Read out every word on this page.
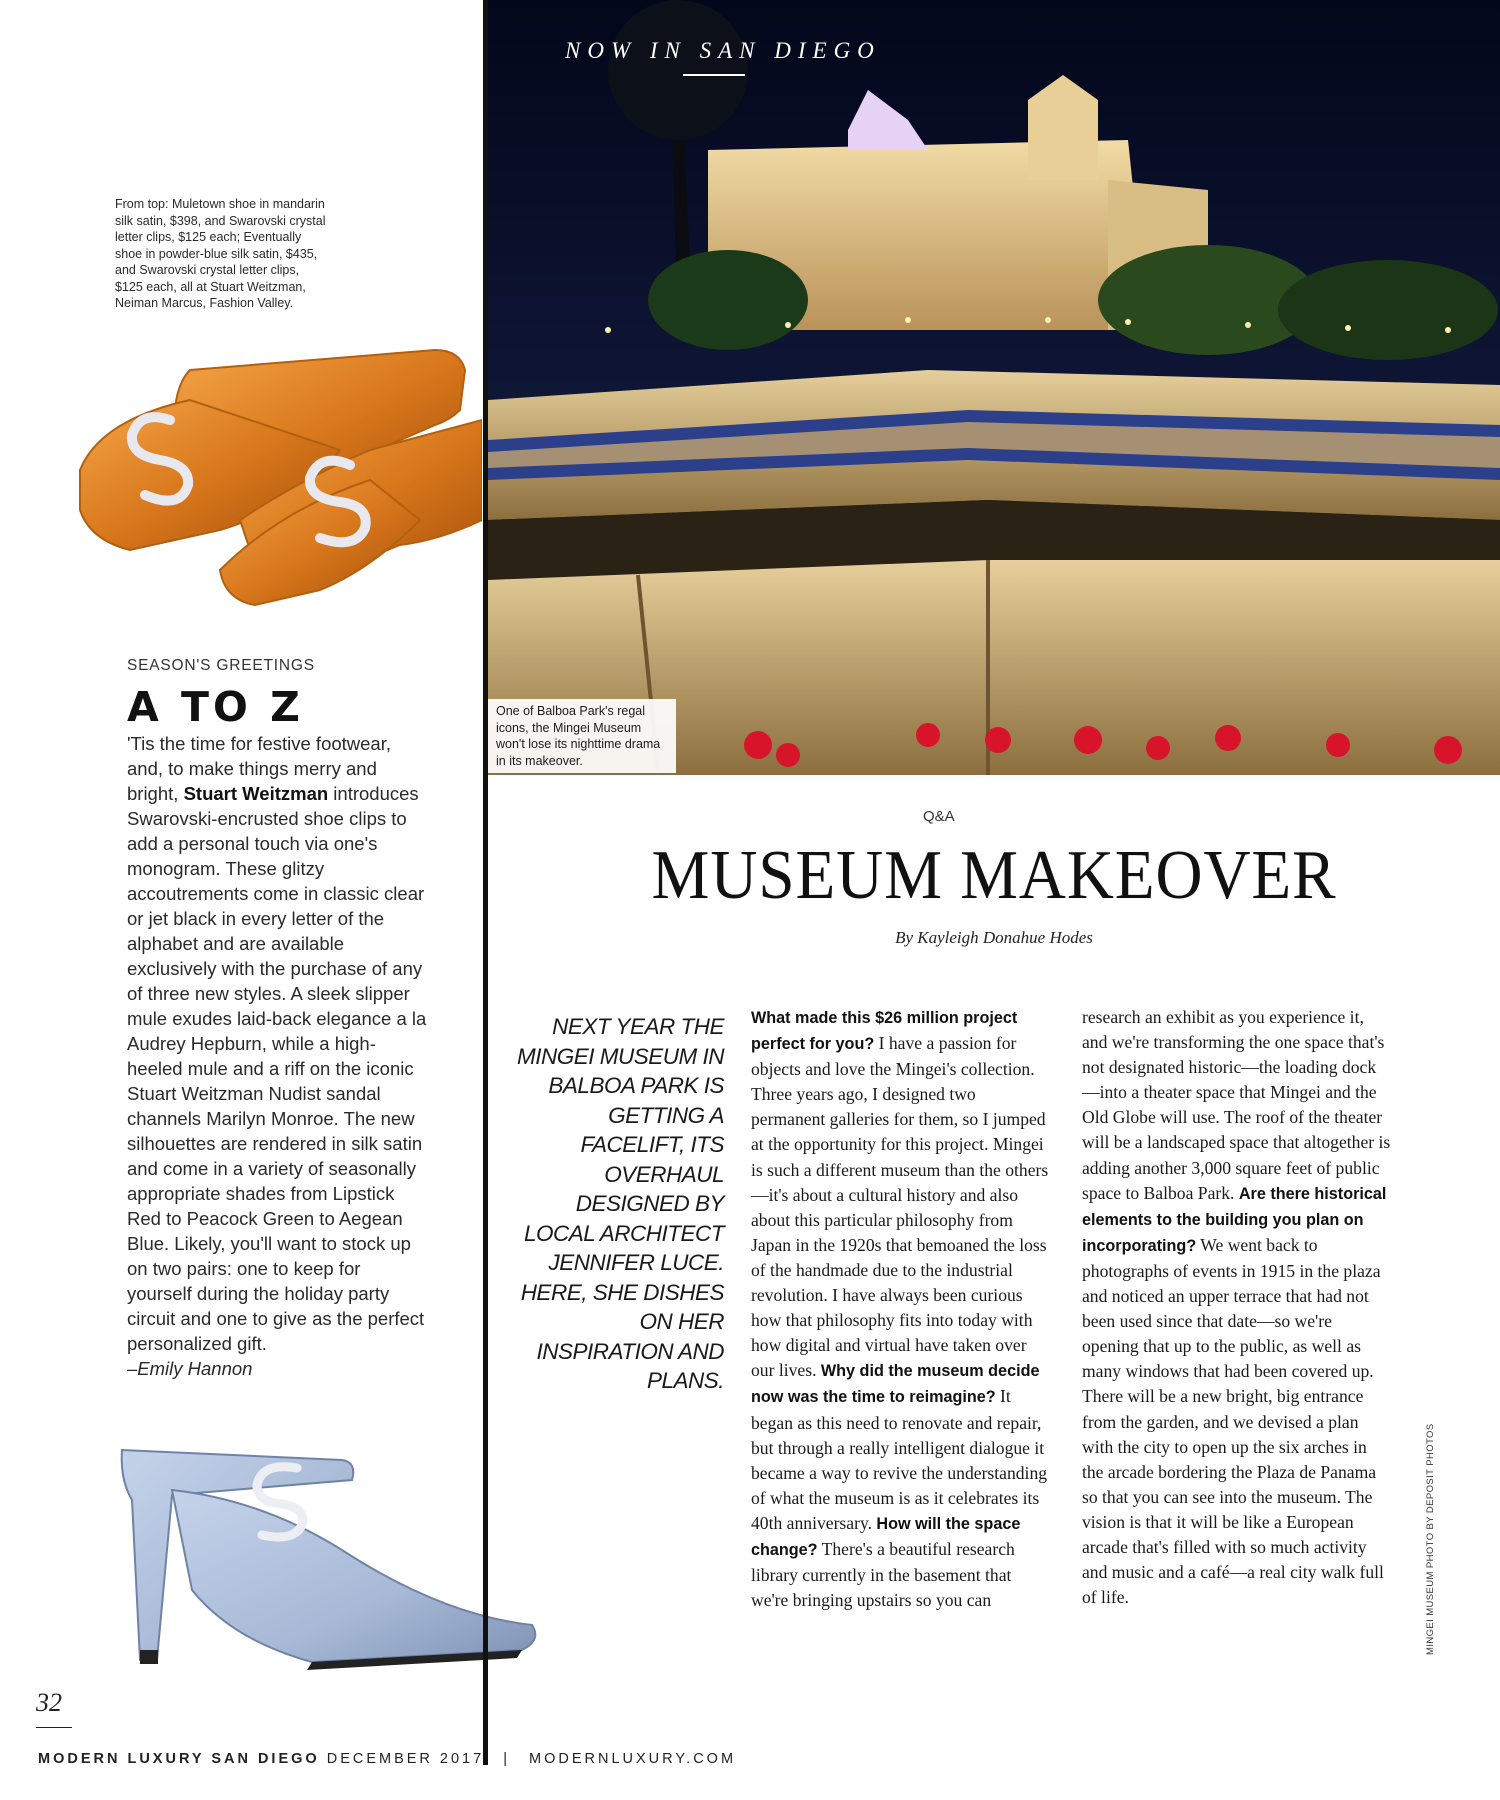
From top: Muletown shoe in mandarin silk satin, $398, and Swarovski crystal letter clips, $125 each; Eventually shoe in powder-blue silk satin, $435, and Swarovski crystal letter clips, $125 each, all at Stuart Weitzman, Neiman Marcus, Fashion Valley.
SEASON'S GREETINGS
A TO Z
'Tis the time for festive footwear, and, to make things merry and bright, Stuart Weitzman introduces Swarovski-encrusted shoe clips to add a personal touch via one's monogram. These glitzy accoutrements come in classic clear or jet black in every letter of the alphabet and are available exclusively with the purchase of any of three new styles. A sleek slipper mule exudes laid-back elegance a la Audrey Hepburn, while a high-heeled mule and a riff on the iconic Stuart Weitzman Nudist sandal channels Marilyn Monroe. The new silhouettes are rendered in silk satin and come in a variety of seasonally appropriate shades from Lipstick Red to Peacock Green to Aegean Blue. Likely, you'll want to stock up on two pairs: one to keep for yourself during the holiday party circuit and one to give as the perfect personalized gift.
–Emily Hannon
NOW IN SAN DIEGO
One of Balboa Park's regal icons, the Mingei Museum won't lose its nighttime drama in its makeover.
Q&A
MUSEUM MAKEOVER
By Kayleigh Donahue Hodes
NEXT YEAR THE MINGEI MUSEUM IN BALBOA PARK IS GETTING A FACELIFT, ITS OVERHAUL DESIGNED BY LOCAL ARCHITECT JENNIFER LUCE. HERE, SHE DISHES ON HER INSPIRATION AND PLANS.
What made this $26 million project perfect for you? I have a passion for objects and love the Mingei's collection. Three years ago, I designed two permanent galleries for them, so I jumped at the opportunity for this project. Mingei is such a different museum than the others—it's about a cultural history and also about this particular philosophy from Japan in the 1920s that bemoaned the loss of the handmade due to the industrial revolution. I have always been curious how that philosophy fits into today with how digital and virtual have taken over our lives. Why did the museum decide now was the time to reimagine? It began as this need to renovate and repair, but through a really intelligent dialogue it became a way to revive the understanding of what the museum is as it celebrates its 40th anniversary. How will the space change? There's a beautiful research library currently in the basement that we're bringing upstairs so you can
research an exhibit as you experience it, and we're transforming the one space that's not designated historic—the loading dock—into a theater space that Mingei and the Old Globe will use. The roof of the theater will be a landscaped space that altogether is adding another 3,000 square feet of public space to Balboa Park. Are there historical elements to the building you plan on incorporating? We went back to photographs of events in 1915 in the plaza and noticed an upper terrace that had not been used since that date—so we're opening that up to the public, as well as many windows that had been covered up. There will be a new bright, big entrance from the garden, and we devised a plan with the city to open up the six arches in the arcade bordering the Plaza de Panama so that you can see into the museum. The vision is that it will be like a European arcade that's filled with so much activity and music and a café—a real city walk full of life.	MINGEI MUSEUM PHOTO BY DEPOSIT PHOTOS
32
MODERN LUXURY SAN DIEGO DECEMBER 2017 | MODERNLUXURY.COM
